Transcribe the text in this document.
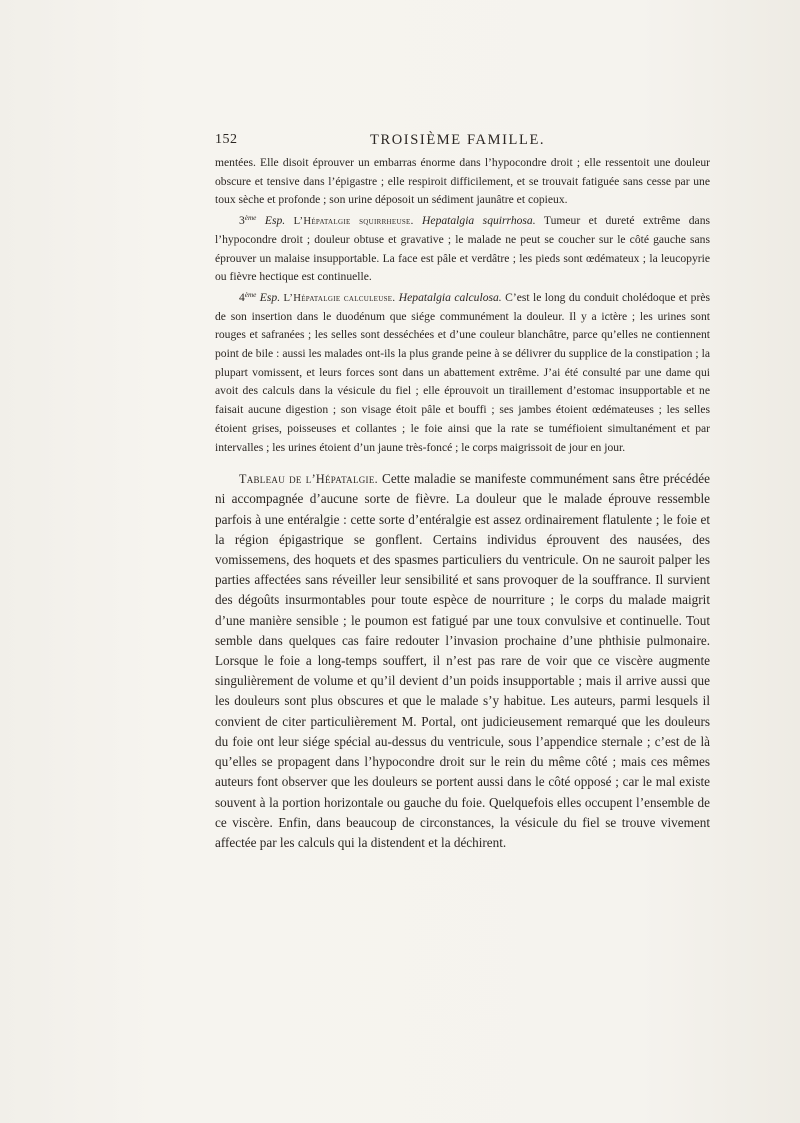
152	TROISIÈME FAMILLE.

mentées. Elle disoit éprouver un embarras énorme dans l’hypocondre droit ; elle ressentoit une douleur obscure et tensive dans l’épigastre ; elle respiroit difficilement, et se trouvait fatiguée sans cesse par une toux sèche et profonde ; son urine déposoit un sédiment jaunâtre et copieux.

3ème Esp. L’Hépatalgie squirrheuse. Hepatalgia squirrhosa. Tumeur et dureté extrême dans l’hypocondre droit ; douleur obtuse et gravative ; le malade ne peut se coucher sur le côté gauche sans éprouver un malaise insupportable. La face est pâle et verdâtre ; les pieds sont œdémateux ; la leucopyrie ou fièvre hectique est continuelle.

4ème Esp. L’Hépatalgie calculeuse. Hepatalgia calculosa. C’est le long du conduit cholédoque et près de son insertion dans le duodénum que siége communément la douleur. Il y a ictère ; les urines sont rouges et safranées ; les selles sont desséchées et d’une couleur blanchâtre, parce qu’elles ne contiennent point de bile : aussi les malades ont-ils la plus grande peine à se délivrer du supplice de la constipation ; la plupart vomissent, et leurs forces sont dans un abattement extrême. J’ai été consulté par une dame qui avoit des calculs dans la vésicule du fiel ; elle éprouvoit un tiraillement d’estomac insupportable et ne faisait aucune digestion ; son visage étoit pâle et bouffi ; ses jambes étoient œdémateuses ; les selles étoient grises, poisseuses et collantes ; le foie ainsi que la rate se tuméfioient simultanément et par intervalles ; les urines étoient d’un jaune très-foncé ; le corps maigrissoit de jour en jour.

Tableau de l’Hépatalgie. Cette maladie se manifeste communément sans être précédée ni accompagnée d’aucune sorte de fièvre. La douleur que le malade éprouve ressemble parfois à une entéralgie : cette sorte d’entéralgie est assez ordinairement flatulente ; le foie et la région épigastrique se gonflent. Certains individus éprouvent des nausées, des vomissemens, des hoquets et des spasmes particuliers du ventricule. On ne sauroit palper les parties affectées sans réveiller leur sensibilité et sans provoquer de la souffrance. Il survient des dégoûts insurmontables pour toute espèce de nourriture ; le corps du malade maigrit d’une manière sensible ; le poumon est fatigué par une toux convulsive et continuelle. Tout semble dans quelques cas faire redouter l’invasion prochaine d’une phthisie pulmonaire. Lorsque le foie a long-temps souffert, il n’est pas rare de voir que ce viscère augmente singulièrement de volume et qu’il devient d’un poids insupportable ; mais il arrive aussi que les douleurs sont plus obscures et que le malade s’y habitue. Les auteurs, parmi lesquels il convient de citer particulièrement M. Portal, ont judicieusement remarqué que les douleurs du foie ont leur siége spécial au-dessus du ventricule, sous l’appendice sternale ; c’est de là qu’elles se propagent dans l’hypocondre droit sur le rein du même côté ; mais ces mêmes auteurs font observer que les douleurs se portent aussi dans le côté opposé ; car le mal existe souvent à la portion horizontale ou gauche du foie. Quelquefois elles occupent l’ensemble de ce viscère. Enfin, dans beaucoup de circonstances, la vésicule du fiel se trouve vivement affectée par les calculs qui la distendent et la déchirent.
